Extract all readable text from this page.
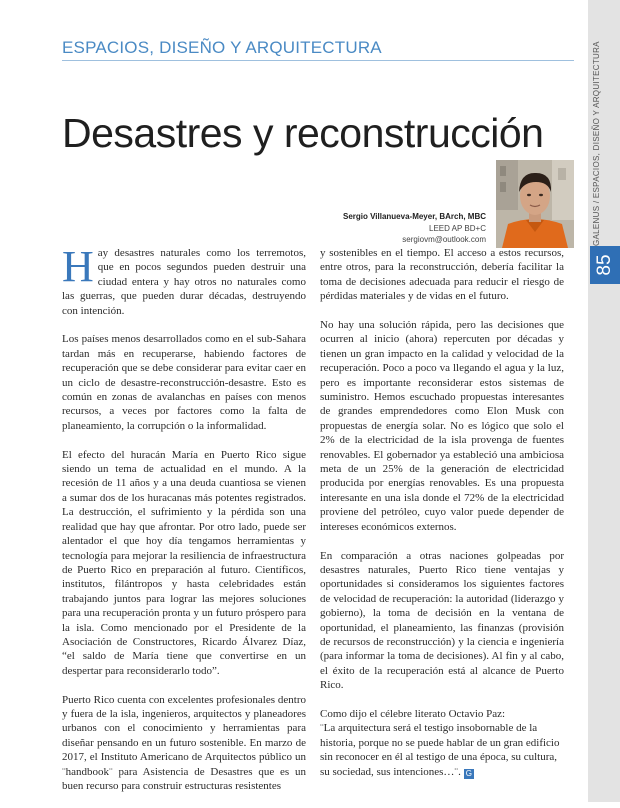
ESPACIOS, DISEÑO Y ARQUITECTURA	GALENUS / ESPACIOS, DISEÑO Y ARQUITECTURA
85
Desastres y reconstrucción
Sergio Villanueva-Meyer, BArch, MBC
LEED AP BD+C
sergiovm@outlook.com

Hay desastres naturales como los terremotos, que en pocos segundos pueden destruir una ciudad entera y hay otros no naturales como las guerras, que pueden durar décadas, destruyendo con intención.

Los países menos desarrollados como en el sub-Sahara tardan más en recuperarse, habiendo factores de recuperación que se debe considerar para evitar caer en un ciclo de desastre-reconstrucción-desastre. Esto es común en zonas de avalanchas en países con menos recursos, a veces por factores como la falta de planeamiento, la corrupción o la informalidad.

El efecto del huracán María en Puerto Rico sigue siendo un tema de actualidad en el mundo. A la recesión de 11 años y a una deuda cuantiosa se vienen a sumar dos de los huracanas más potentes registrados. La destrucción, el sufrimiento y la pérdida son una realidad que hay que afrontar. Por otro lado, puede ser alentador el que hoy día tengamos herramientas y tecnología para mejorar la resiliencia de infraestructura de Puerto Rico en preparación al futuro. Científicos, institutos, filántropos y hasta celebridades están trabajando juntos para lograr las mejores soluciones para una recuperación pronta y un futuro próspero para la isla. Como mencionado por el Presidente de la Asociación de Constructores, Ricardo Álvarez Díaz, “el saldo de María tiene que convertirse en un despertar para reconsiderarlo todo”.

Puerto Rico cuenta con excelentes profesionales dentro y fuera de la isla, ingenieros, arquitectos y planeadores urbanos con el conocimiento y herramientas para diseñar pensando en un futuro sostenible. En marzo de 2017, el Instituto Americano de Arquitectos público un ¨handbook¨ para Asistencia de Desastres que es un buen recurso para construir estructuras resistentes

y sostenibles en el tiempo. El acceso a estos recursos, entre otros, para la reconstrucción, debería facilitar la toma de decisiones adecuada para reducir el riesgo de pérdidas materiales y de vidas en el futuro.

No hay una solución rápida, pero las decisiones que ocurren al inicio (ahora) repercuten por décadas y tienen un gran impacto en la calidad y velocidad de la recuperación. Poco a poco va llegando el agua y la luz, pero es importante reconsiderar estos sistemas de suministro. Hemos escuchado propuestas interesantes de grandes emprendedores como Elon Musk con propuestas de energía solar. No es lógico que solo el 2% de la electricidad de la isla provenga de fuentes renovables. El gobernador ya estableció una ambiciosa meta de un 25% de la generación de electricidad producida por energías renovables. Es una propuesta interesante en una isla donde el 72% de la electricidad proviene del petróleo, cuyo valor puede depender de intereses económicos externos.

En comparación a otras naciones golpeadas por desastres naturales, Puerto Rico tiene ventajas y oportunidades si consideramos los siguientes factores de velocidad de recuperación: la autoridad (liderazgo y gobierno), la toma de decisión en la ventana de oportunidad, el planeamiento, las finanzas (provisión de recursos de reconstrucción) y la ciencia e ingeniería (para informar la toma de decisiones). Al fin y al cabo, el éxito de la recuperación está al alcance de Puerto Rico.

Como dijo el célebre literato Octavio Paz:

¨La arquitectura será el testigo insobornable de la historia, porque no se puede hablar de un gran edificio sin reconocer en él al testigo de una época, su cultura, su sociedad, sus intenciones…¨. G
